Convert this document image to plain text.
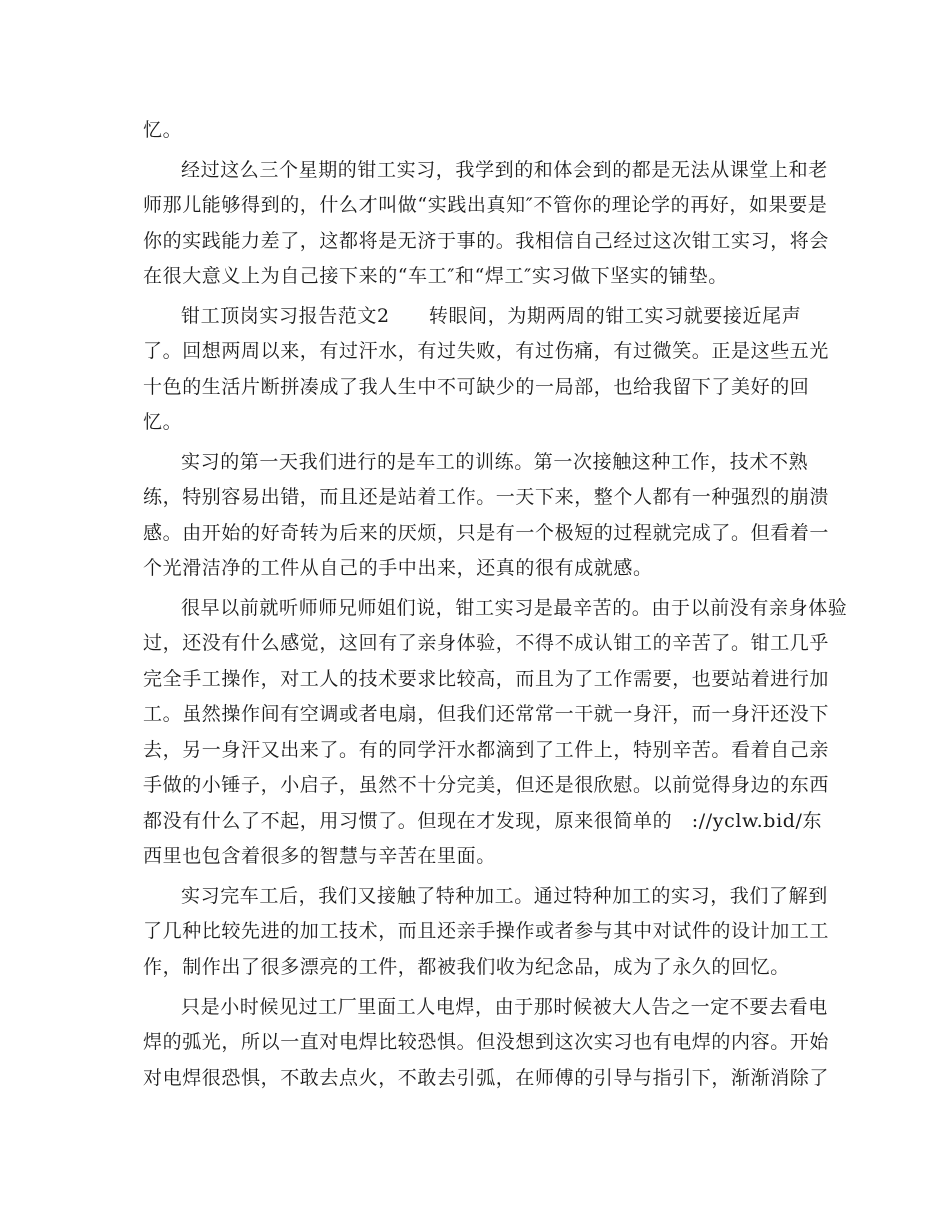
忆。
经过这么三个星期的钳工实习，我学到的和体会到的都是无法从课堂上和老
师那儿能够得到的，什么才叫做“实践出真知″不管你的理论学的再好，如果要是
你的实践能力差了，这都将是无济于事的。我相信自己经过这次钳工实习，将会
在很大意义上为自己接下来的“车工″和“焊工″实习做下坚实的铺垫。
钳工顶岗实习报告范文2　　转眼间，为期两周的钳工实习就要接近尾声
了。回想两周以来，有过汗水，有过失败，有过伤痛，有过微笑。正是这些五光
十色的生活片断拼凑成了我人生中不可缺少的一局部，也给我留下了美好的回
忆。
实习的第一天我们进行的是车工的训练。第一次接触这种工作，技术不熟
练，特别容易出错，而且还是站着工作。一天下来，整个人都有一种强烈的崩溃
感。由开始的好奇转为后来的厌烦，只是有一个极短的过程就完成了。但看着一
个光滑洁净的工件从自己的手中出来，还真的很有成就感。
很早以前就听师师兄师姐们说，钳工实习是最辛苦的。由于以前没有亲身体验
过，还没有什么感觉，这回有了亲身体验，不得不成认钳工的辛苦了。钳工几乎
完全手工操作，对工人的技术要求比较高，而且为了工作需要，也要站着进行加
工。虽然操作间有空调或者电扇，但我们还常常一干就一身汗，而一身汗还没下
去，另一身汗又出来了。有的同学汗水都滴到了工件上，特别辛苦。看着自己亲
手做的小锤子，小启子，虽然不十分完美，但还是很欣慰。以前觉得身边的东西
都没有什么了不起，用习惯了。但现在才发现，原来很简单的　://yclw.bid/东
西里也包含着很多的智慧与辛苦在里面。
实习完车工后，我们又接触了特种加工。通过特种加工的实习，我们了解到
了几种比较先进的加工技术，而且还亲手操作或者参与其中对试件的设计加工工
作，制作出了很多漂亮的工件，都被我们收为纪念品，成为了永久的回忆。
只是小时候见过工厂里面工人电焊，由于那时候被大人告之一定不要去看电
焊的弧光，所以一直对电焊比较恐惧。但没想到这次实习也有电焊的内容。开始
对电焊很恐惧，不敢去点火，不敢去引弧，在师傅的引导与指引下，渐渐消除了
